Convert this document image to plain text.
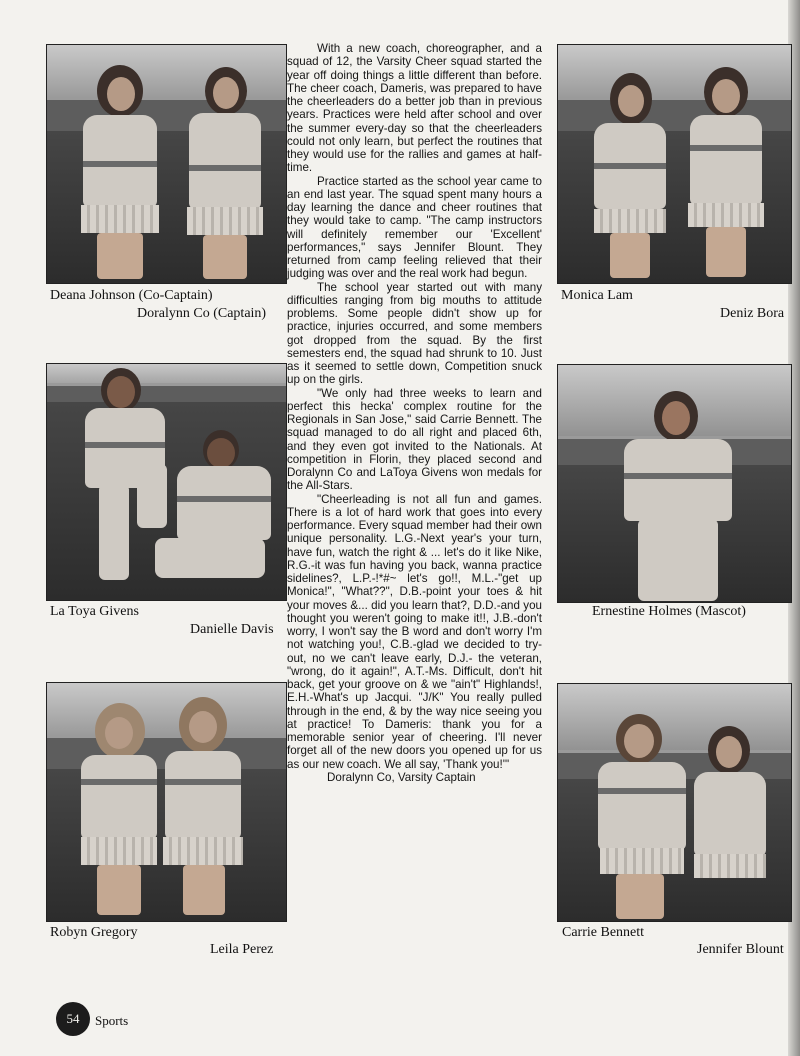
Deana Johnson (Co-Captain)
Doralynn Co (Captain)
Monica Lam
Deniz Bora
La Toya Givens
Danielle Davis
Ernestine Holmes (Mascot)
Robyn Gregory
Leila Perez
Carrie Bennett
Jennifer Blount

With a new coach, choreographer, and a squad of 12, the Varsity Cheer squad started the year off doing things a little different than before. The cheer coach, Dameris, was prepared to have the cheerleaders do a better job than in previous years. Practices were held after school and over the summer every-day so that the cheerleaders could not only learn, but perfect the routines that they would use for the rallies and games at half-time.

Practice started as the school year came to an end last year. The squad spent many hours a day learning the dance and cheer routines that they would take to camp. "The camp instructors will definitely remember our 'Excellent' performances," says Jennifer Blount. They returned from camp feeling relieved that their judging was over and the real work had begun.

The school year started out with many difficulties ranging from big mouths to attitude problems. Some people didn't show up for practice, injuries occurred, and some members got dropped from the squad. By the first semesters end, the squad had shrunk to 10. Just as it seemed to settle down, Competition snuck up on the girls.

"We only had three weeks to learn and perfect this hecka' complex routine for the Regionals in San Jose," said Carrie Bennett. The squad managed to do all right and placed 6th, and they even got invited to the Nationals. At competition in Florin, they placed second and Doralynn Co and LaToya Givens won medals for the All-Stars.

"Cheerleading is not all fun and games. There is a lot of hard work that goes into every performance. Every squad member had their own unique personality. L.G.-Next year's your turn, have fun, watch the right & ... let's do it like Nike, R.G.-it was fun having you back, wanna practice sidelines?, L.P.-!*#~ let's go!!, M.L.-"get up Monica!", "What??", D.B.-point your toes & hit your moves &... did you learn that?, D.D.-and you thought you weren't going to make it!!, J.B.-don't worry, I won't say the B word and don't worry I'm not watching you!, C.B.-glad we decided to try-out, no we can't leave early, D.J.- the veteran, "wrong, do it again!", A.T.-Ms. Difficult, don't hit back, get your groove on & we "ain't" Highlands!, E.H.-What's up Jacqui. "J/K" You really pulled through in the end, & by the way nice seeing you at practice! To Dameris: thank you for a memorable senior year of cheering. I'll never forget all of the new doors you opened up for us as our new coach. We all say, 'Thank you!'"

Doralynn Co, Varsity Captain

54	Sports
